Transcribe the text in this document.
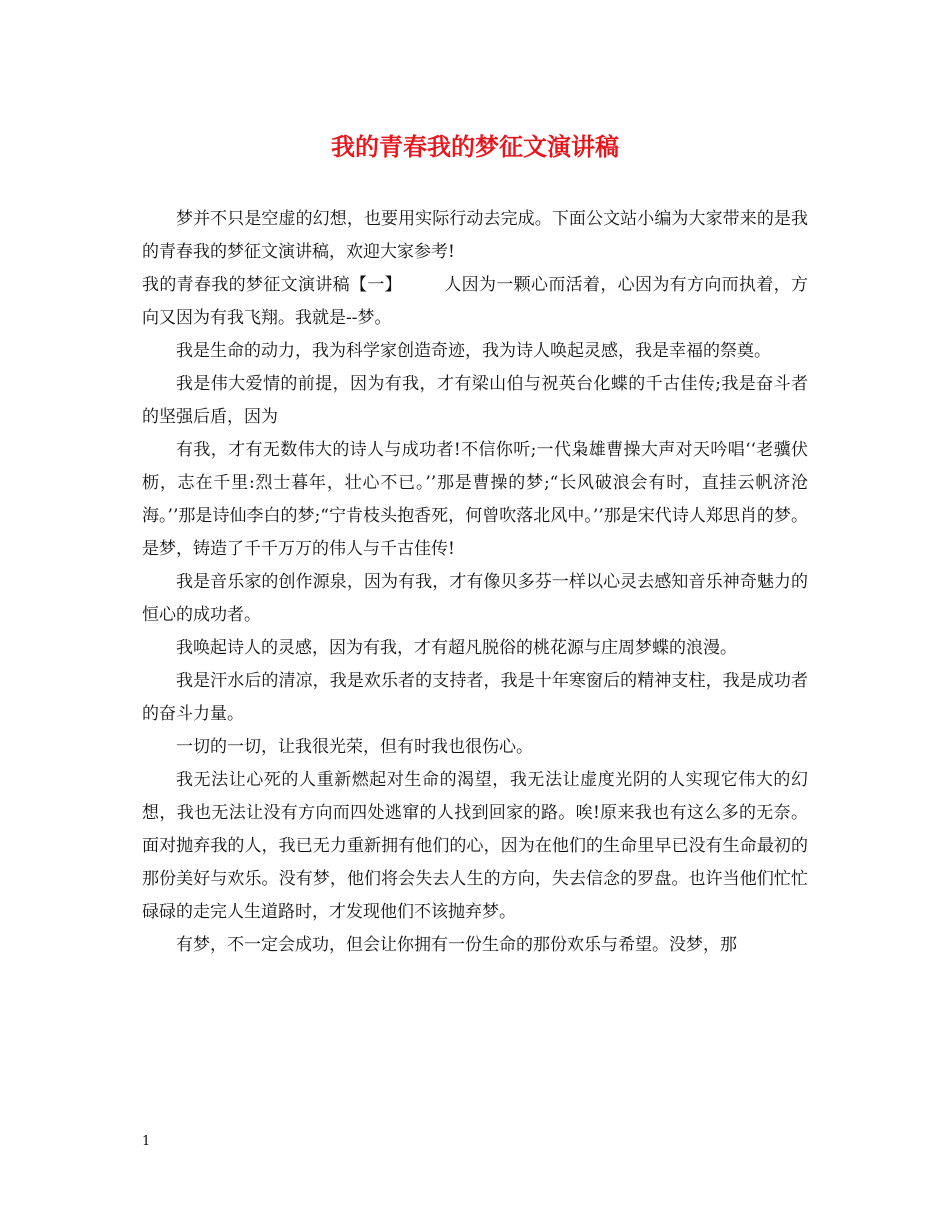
我的青春我的梦征文演讲稿

梦并不只是空虚的幻想，也要用实际行动去完成。下面公文站小编为大家带来的是我的青春我的梦征文演讲稿，欢迎大家参考!

我的青春我的梦征文演讲稿【一】 人因为一颗心而活着，心因为有方向而执着，方向又因为有我飞翔。我就是--梦。

我是生命的动力，我为科学家创造奇迹，我为诗人唤起灵感，我是幸福的祭奠。

我是伟大爱情的前提，因为有我，才有梁山伯与祝英台化蝶的千古佳传;我是奋斗者的坚强后盾，因为

有我，才有无数伟大的诗人与成功者!不信你听;一代枭雄曹操大声对天吟唱‘‘老骥伏枥，志在千里:烈士暮年，壮心不已。’’那是曹操的梦;“长风破浪会有时，直挂云帆济沧海。’’那是诗仙李白的梦;“宁肯枝头抱香死，何曾吹落北风中。’’那是宋代诗人郑思肖的梦。是梦，铸造了千千万万的伟人与千古佳传!

我是音乐家的创作源泉，因为有我，才有像贝多芬一样以心灵去感知音乐神奇魅力的恒心的成功者。

我唤起诗人的灵感，因为有我，才有超凡脱俗的桃花源与庄周梦蝶的浪漫。

我是汗水后的清凉，我是欢乐者的支持者，我是十年寒窗后的精神支柱，我是成功者的奋斗力量。

一切的一切，让我很光荣，但有时我也很伤心。

我无法让心死的人重新燃起对生命的渴望，我无法让虚度光阴的人实现它伟大的幻想，我也无法让没有方向而四处逃窜的人找到回家的路。唉!原来我也有这么多的无奈。面对抛弃我的人，我已无力重新拥有他们的心，因为在他们的生命里早已没有生命最初的那份美好与欢乐。没有梦，他们将会失去人生的方向，失去信念的罗盘。也许当他们忙忙碌碌的走完人生道路时，才发现他们不该抛弃梦。

有梦，不一定会成功，但会让你拥有一份生命的那份欢乐与希望。没梦，那

1
